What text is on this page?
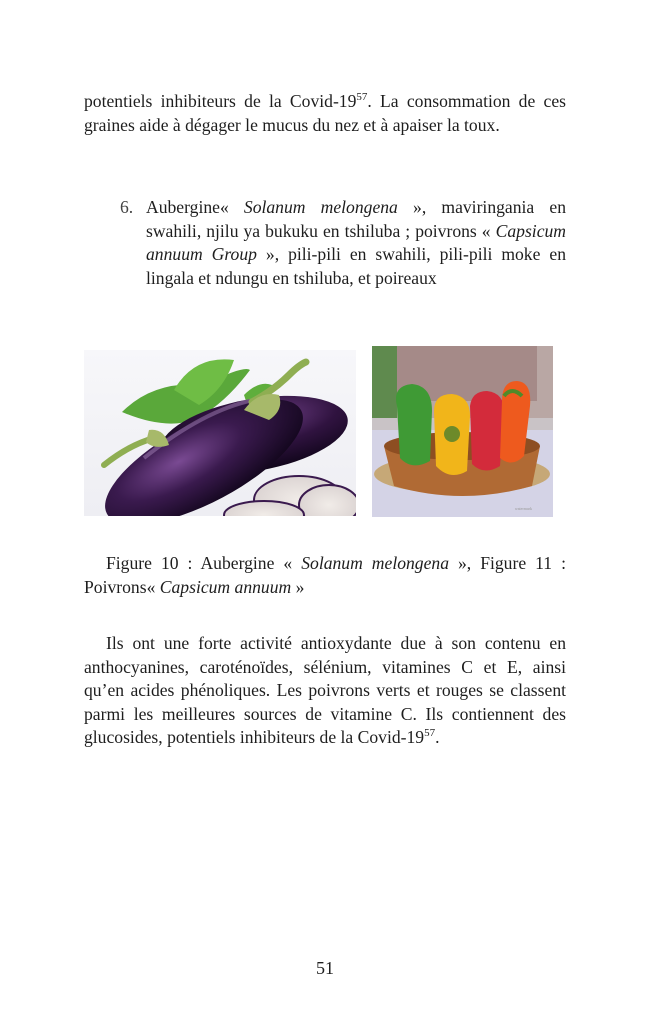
potentiels inhibiteurs de la Covid-$19^{57}$. La consommation de ces graines aide à dégager le mucus du nez et à apaiser la toux.

6. Aubergine« Solanum melongena », maviringania en swahili, njilu ya bukuku en tshiluba ; poivrons « Capsicum annuum Group », pili-pili en swahili, pili-pili moke en lingala et ndungu en tshiluba, et poireaux
watermark

Figure 10 : Aubergine « Solanum melongena », Figure 11 : Poivrons« Capsicum annuum »

Ils ont une forte activité antioxydante due à son contenu en anthocyanines, caroténoïdes, sélénium, vitamines C et E, ainsi qu’en acides phénoliques. Les poivrons verts et rouges se classent parmi les meilleures sources de vitamine C. Ils contiennent des glucosides, potentiels inhibiteurs de la Covid-$19^{57}$.

51
